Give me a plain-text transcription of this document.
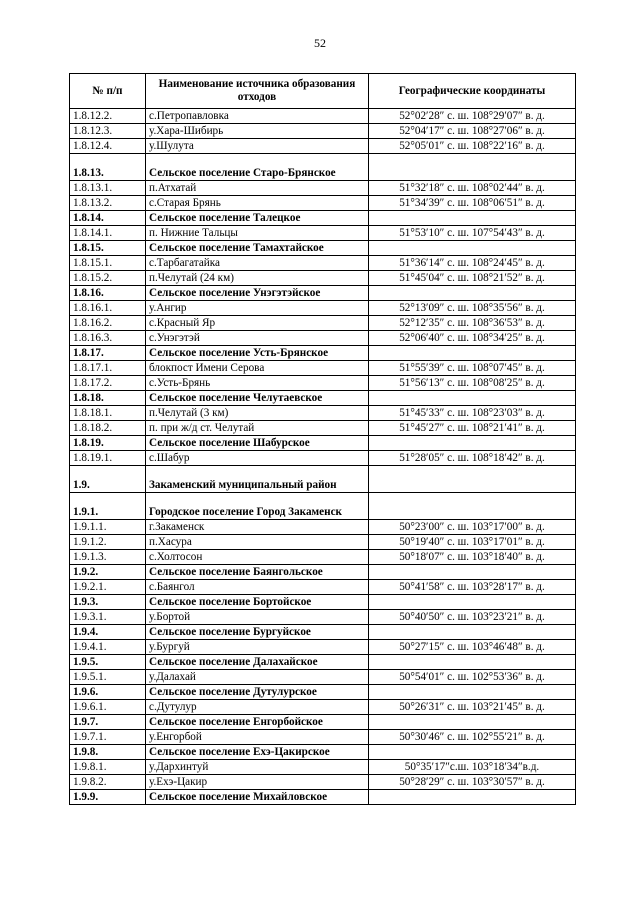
52
№ п/п	Наименование источника образования отходов	Географические координаты
1.8.12.2.	с.Петропавловка	52°02′28″ с. ш. 108°29′07″ в. д.
1.8.12.3.	у.Хара-Шибирь	52°04′17″ с. ш. 108°27′06″ в. д.
1.8.12.4.	у.Шулута	52°05′01″ с. ш. 108°22′16″ в. д.
1.8.13.	Сельское поселение Старо-Брянское	
1.8.13.1.	п.Атхатай	51°32′18″ с. ш. 108°02′44″ в. д.
1.8.13.2.	с.Старая Брянь	51°34′39″ с. ш. 108°06′51″ в. д.
1.8.14.	Сельское поселение Талецкое	
1.8.14.1.	п. Нижние Тальцы	51°53′10″ с. ш. 107°54′43″ в. д.
1.8.15.	Сельское поселение Тамахтайское	
1.8.15.1.	с.Тарбагатайка	51°36′14″ с. ш. 108°24′45″ в. д.
1.8.15.2.	п.Челутай (24 км)	51°45′04″ с. ш. 108°21′52″ в. д.
1.8.16.	Сельское поселение Унэгэтэйское	
1.8.16.1.	у.Ангир	52°13′09″ с. ш. 108°35′56″ в. д.
1.8.16.2.	с.Красный Яр	52°12′35″ с. ш. 108°36′53″ в. д.
1.8.16.3.	с.Унэгэтэй	52°06′40″ с. ш. 108°34′25″ в. д.
1.8.17.	Сельское поселение Усть-Брянское	
1.8.17.1.	блокпост Имени Серова	51°55′39″ с. ш. 108°07′45″ в. д.
1.8.17.2.	с.Усть-Брянь	51°56′13″ с. ш. 108°08′25″ в. д.
1.8.18.	Сельское поселение Челутаевское	
1.8.18.1.	п.Челутай (3 км)	51°45′33″ с. ш. 108°23′03″ в. д.
1.8.18.2.	п. при ж/д ст. Челутай	51°45′27″ с. ш. 108°21′41″ в. д.
1.8.19.	Сельское поселение Шабурское	
1.8.19.1.	с.Шабур	51°28′05″ с. ш. 108°18′42″ в. д.
1.9.	Закаменский муниципальный район	
1.9.1.	Городское поселение Город Закаменск	
1.9.1.1.	г.Закаменск	50°23′00″ с. ш. 103°17′00″ в. д.
1.9.1.2.	п.Хасура	50°19′40″ с. ш. 103°17′01″ в. д.
1.9.1.3.	с.Холтосон	50°18′07″ с. ш. 103°18′40″ в. д.
1.9.2.	Сельское поселение Баянгольское	
1.9.2.1.	с.Баянгол	50°41′58″ с. ш. 103°28′17″ в. д.
1.9.3.	Сельское поселение Бортойское	
1.9.3.1.	у.Бортой	50°40′50″ с. ш. 103°23′21″ в. д.
1.9.4.	Сельское поселение Бургуйское	
1.9.4.1.	у.Бургуй	50°27′15″ с. ш. 103°46′48″ в. д.
1.9.5.	Сельское поселение Далахайское	
1.9.5.1.	у.Далахай	50°54′01″ с. ш. 102°53′36″ в. д.
1.9.6.	Сельское поселение Дутулурское	
1.9.6.1.	с.Дутулур	50°26′31″ с. ш. 103°21′45″ в. д.
1.9.7.	Сельское поселение Енгорбойское	
1.9.7.1.	у.Енгорбой	50°30′46″ с. ш. 102°55′21″ в. д.
1.9.8.	Сельское поселение Ехэ-Цакирское	
1.9.8.1.	у.Дархинтуй	50°35′17″с.ш. 103°18′34″в.д.
1.9.8.2.	у.Ехэ-Цакир	50°28′29″ с. ш. 103°30′57″ в. д.
1.9.9.	Сельское поселение Михайловское	
